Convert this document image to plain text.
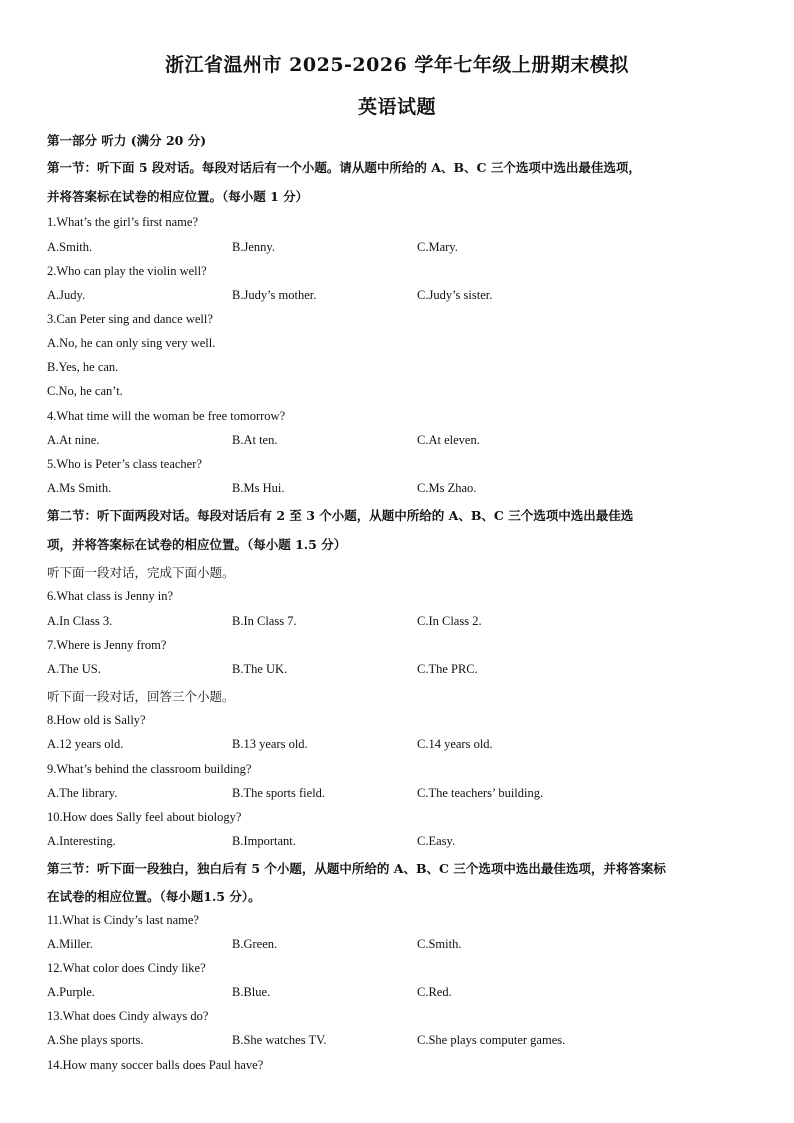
浙江省温州市 2025-2026 学年七年级上册期末模拟
英语试题
第一部分 听力 (满分 20 分)
第一节：听下面 5 段对话。每段对话后有一个小题。请从题中所给的 A、B、C 三个选项中选出最佳选项，
并将答案标在试卷的相应位置。（每小题 1 分）
1.What’s the girl’s first name?
A.Smith.	B.Jenny.	C.Mary.
2.Who can play the violin well?
A.Judy.	B.Judy’s mother.	C.Judy’s sister.
3.Can Peter sing and dance well?
A.No, he can only sing very well.
B.Yes, he can.
C.No, he can’t.
4.What time will the woman be free tomorrow?
A.At nine.	B.At ten.	C.At eleven.
5.Who is Peter’s class teacher?
A.Ms Smith.	B.Ms Hui.	C.Ms Zhao.
第二节：听下面两段对话。每段对话后有 2 至 3 个小题，从题中所给的 A、B、C 三个选项中选出最佳选
项，并将答案标在试卷的相应位置。（每小题 1.5 分）
听下面一段对话，完成下面小题。
6.What class is Jenny in?
A.In Class 3.	B.In Class 7.	C.In Class 2.
7.Where is Jenny from?
A.The US.	B.The UK.	C.The PRC.
听下面一段对话，回答三个小题。
8.How old is Sally?
A.12 years old.	B.13 years old.	C.14 years old.
9.What’s behind the classroom building?
A.The library.	B.The sports field.	C.The teachers’ building.
10.How does Sally feel about biology?
A.Interesting.	B.Important.	C.Easy.
第三节：听下面一段独白，独白后有 5 个小题，从题中所给的 A、B、C 三个选项中选出最佳选项，并将答案标
在试卷的相应位置。（每小题1.5 分）。
11.What is Cindy’s last name?
A.Miller.	B.Green.	C.Smith.
12.What color does Cindy like?
A.Purple.	B.Blue.	C.Red.
13.What does Cindy always do?
A.She plays sports.	B.She watches TV.	C.She plays computer games.
14.How many soccer balls does Paul have?
